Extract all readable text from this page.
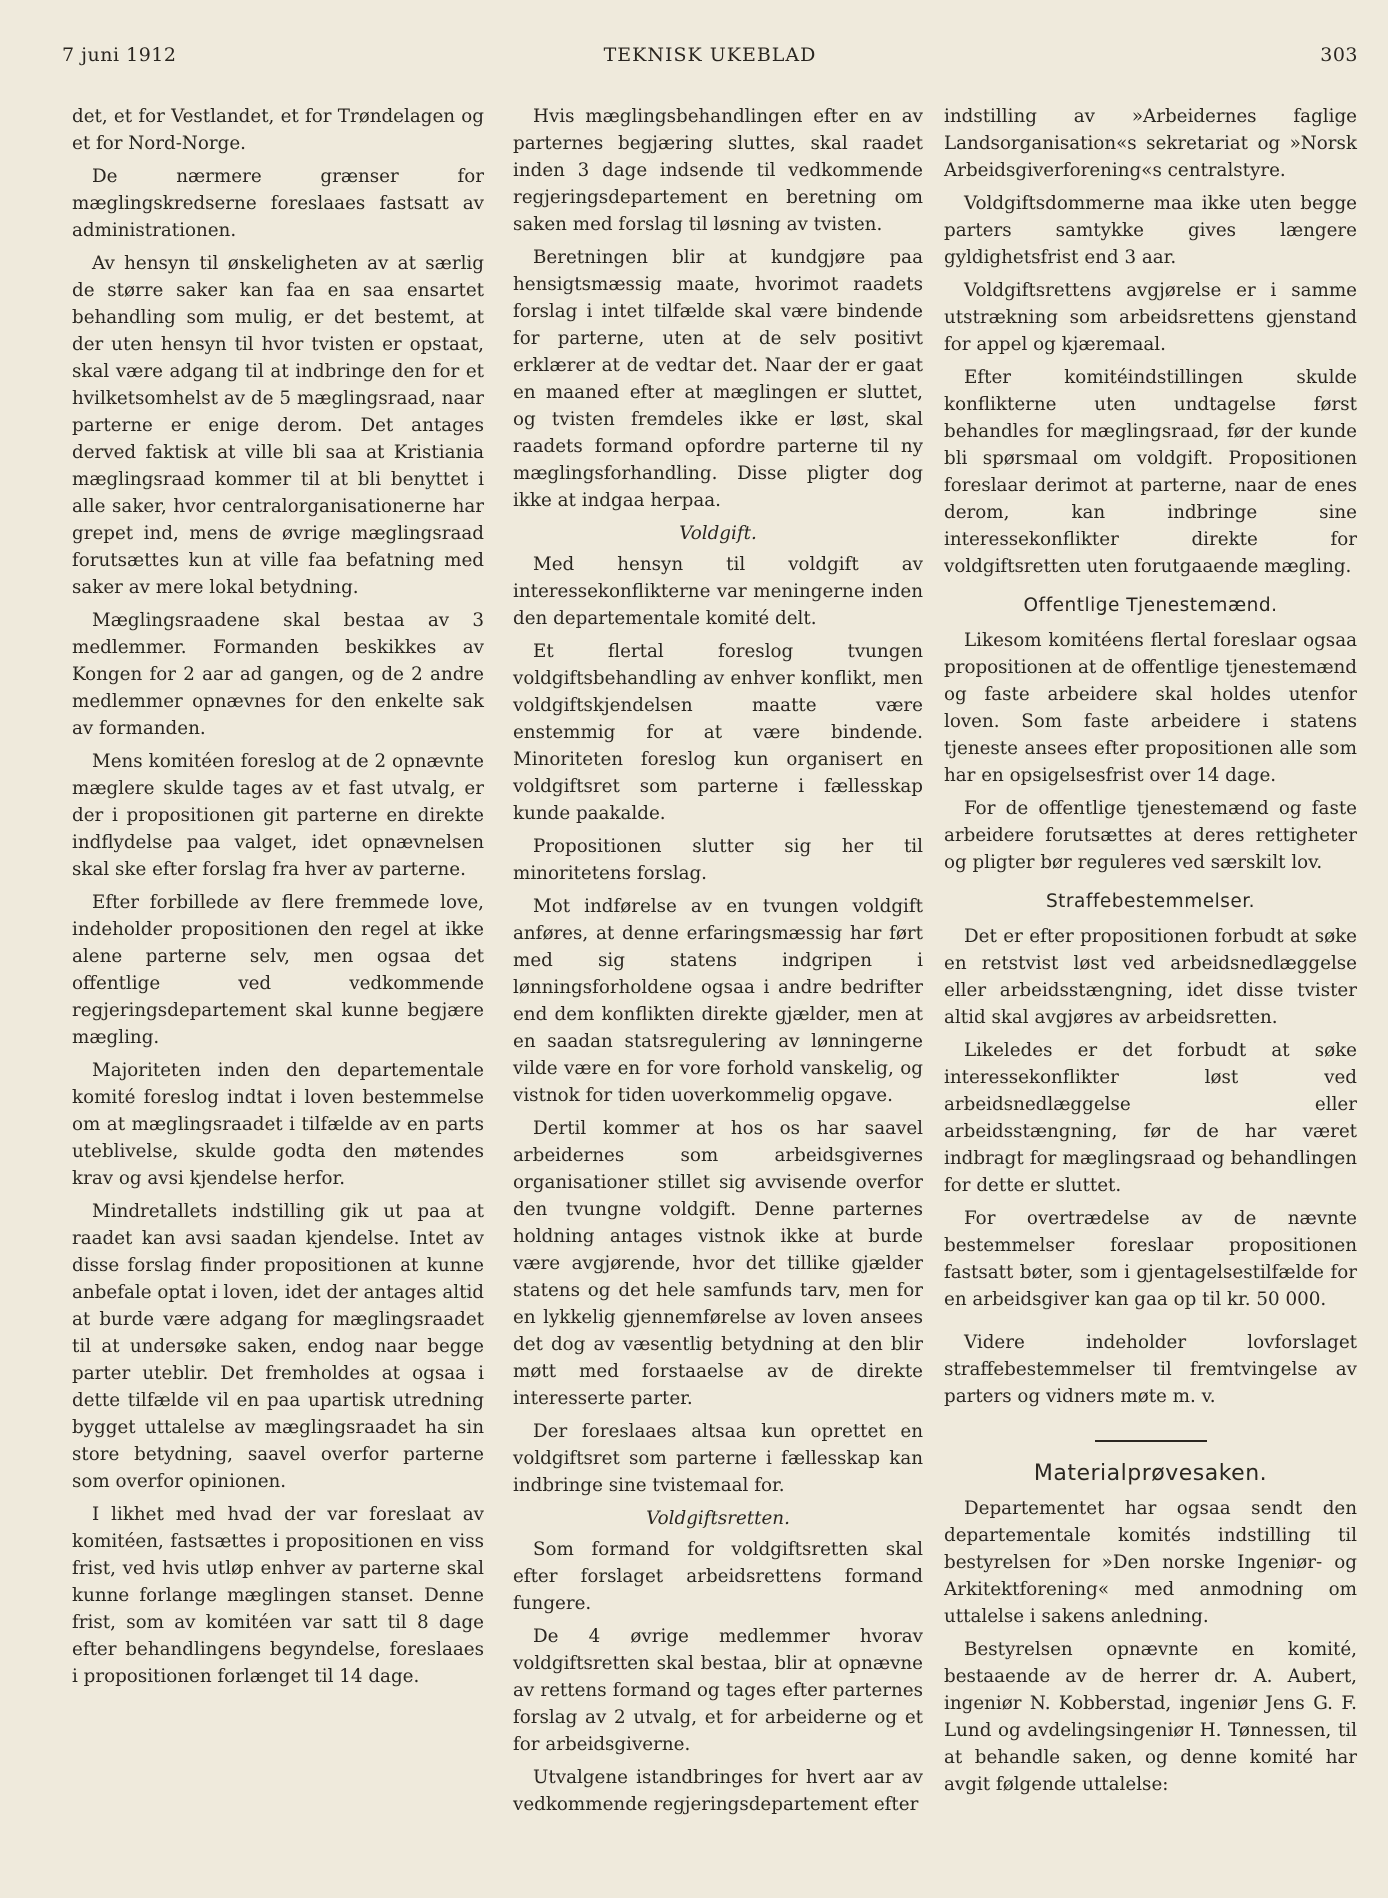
7 juni 1912	TEKNISK UKEBLAD	303

det, et for Vestlandet, et for Trøndelagen og et for Nord-Norge.

De nærmere grænser for mæglingskredserne foreslaaes fastsatt av administrationen.

Av hensyn til ønskeligheten av at særlig de større saker kan faa en saa ensartet behandling som mulig, er det bestemt, at der uten hensyn til hvor tvisten er opstaat, skal være adgang til at indbringe den for et hvilketsomhelst av de 5 mæglingsraad, naar parterne er enige derom. Det antages derved faktisk at ville bli saa at Kristiania mæglingsraad kommer til at bli benyttet i alle saker, hvor centralorganisationerne har grepet ind, mens de øvrige mæglingsraad forutsættes kun at ville faa befatning med saker av mere lokal betydning.

Mæglingsraadene skal bestaa av 3 medlemmer. Formanden beskikkes av Kongen for 2 aar ad gangen, og de 2 andre medlemmer opnævnes for den enkelte sak av formanden.

Mens komitéen foreslog at de 2 opnævnte mæglere skulde tages av et fast utvalg, er der i propositionen git parterne en direkte indflydelse paa valget, idet opnævnelsen skal ske efter forslag fra hver av parterne.

Efter forbillede av flere fremmede love, indeholder propositionen den regel at ikke alene parterne selv, men ogsaa det offentlige ved vedkommende regjeringsdepartement skal kunne begjære mægling.

Majoriteten inden den departementale komité foreslog indtat i loven bestemmelse om at mæglingsraadet i tilfælde av en parts uteblivelse, skulde godta den møtendes krav og avsi kjendelse herfor.

Mindretallets indstilling gik ut paa at raadet kan avsi saadan kjendelse. Intet av disse forslag finder propositionen at kunne anbefale optat i loven, idet der antages altid at burde være adgang for mæglingsraadet til at undersøke saken, endog naar begge parter uteblir. Det fremholdes at ogsaa i dette tilfælde vil en paa upartisk utredning bygget uttalelse av mæglingsraadet ha sin store betydning, saavel overfor parterne som overfor opinionen.

I likhet med hvad der var foreslaat av komitéen, fastsættes i propositionen en viss frist, ved hvis utløp enhver av parterne skal kunne forlange mæglingen stanset. Denne frist, som av komitéen var satt til 8 dage efter behandlingens begyndelse, foreslaaes i propositionen forlænget til 14 dage.

Hvis mæglingsbehandlingen efter en av parternes begjæring sluttes, skal raadet inden 3 dage indsende til vedkommende regjeringsdepartement en beretning om saken med forslag til løsning av tvisten.

Beretningen blir at kundgjøre paa hensigtsmæssig maate, hvorimot raadets forslag i intet tilfælde skal være bindende for parterne, uten at de selv positivt erklærer at de vedtar det. Naar der er gaat en maaned efter at mæglingen er sluttet, og tvisten fremdeles ikke er løst, skal raadets formand opfordre parterne til ny mæglingsforhandling. Disse pligter dog ikke at indgaa herpaa.

Voldgift.

Med hensyn til voldgift av interessekonflikterne var meningerne inden den departementale komité delt.

Et flertal foreslog tvungen voldgiftsbehandling av enhver konflikt, men voldgiftskjendelsen maatte være enstemmig for at være bindende. Minoriteten foreslog kun organisert en voldgiftsret som parterne i fællesskap kunde paakalde.

Propositionen slutter sig her til minoritetens forslag.

Mot indførelse av en tvungen voldgift anføres, at denne erfaringsmæssig har ført med sig statens indgripen i lønningsforholdene ogsaa i andre bedrifter end dem konflikten direkte gjælder, men at en saadan statsregulering av lønningerne vilde være en for vore forhold vanskelig, og vistnok for tiden uoverkommelig opgave.

Dertil kommer at hos os har saavel arbeidernes som arbeidsgivernes organisationer stillet sig avvisende overfor den tvungne voldgift. Denne parternes holdning antages vistnok ikke at burde være avgjørende, hvor det tillike gjælder statens og det hele samfunds tarv, men for en lykkelig gjennemførelse av loven ansees det dog av væsentlig betydning at den blir møtt med forstaaelse av de direkte interesserte parter.

Der foreslaaes altsaa kun oprettet en voldgiftsret som parterne i fællesskap kan indbringe sine tvistemaal for.

Voldgiftsretten.

Som formand for voldgiftsretten skal efter forslaget arbeidsrettens formand fungere.

De 4 øvrige medlemmer hvorav voldgiftsretten skal bestaa, blir at opnævne av rettens formand og tages efter parternes forslag av 2 utvalg, et for arbeiderne og et for arbeidsgiverne.

Utvalgene istandbringes for hvert aar av vedkommende regjeringsdepartement efter

indstilling av »Arbeidernes faglige Landsorganisation«s sekretariat og »Norsk Arbeidsgiverforening«s centralstyre.

Voldgiftsdommerne maa ikke uten begge parters samtykke gives længere gyldighetsfrist end 3 aar.

Voldgiftsrettens avgjørelse er i samme utstrækning som arbeidsrettens gjenstand for appel og kjæremaal.

Efter komitéindstillingen skulde konflikterne uten undtagelse først behandles for mæglingsraad, før der kunde bli spørsmaal om voldgift. Propositionen foreslaar derimot at parterne, naar de enes derom, kan indbringe sine interessekonflikter direkte for voldgiftsretten uten forutgaaende mægling.

Offentlige Tjenestemænd.

Likesom komitéens flertal foreslaar ogsaa propositionen at de offentlige tjenestemænd og faste arbeidere skal holdes utenfor loven. Som faste arbeidere i statens tjeneste ansees efter propositionen alle som har en opsigelsesfrist over 14 dage.

For de offentlige tjenestemænd og faste arbeidere forutsættes at deres rettigheter og pligter bør reguleres ved særskilt lov.

Straffebestemmelser.

Det er efter propositionen forbudt at søke en retstvist løst ved arbeidsnedlæggelse eller arbeidsstængning, idet disse tvister altid skal avgjøres av arbeidsretten.

Likeledes er det forbudt at søke interessekonflikter løst ved arbeidsnedlæggelse eller arbeidsstængning, før de har været indbragt for mæglingsraad og behandlingen for dette er sluttet.

For overtrædelse av de nævnte bestemmelser foreslaar propositionen fastsatt bøter, som i gjentagelsestilfælde for en arbeidsgiver kan gaa op til kr. 50 000.

Videre indeholder lovforslaget straffebestemmelser til fremtvingelse av parters og vidners møte m. v.

Materialprøvesaken.

Departementet har ogsaa sendt den departementale komités indstilling til bestyrelsen for »Den norske Ingeniør- og Arkitektforening« med anmodning om uttalelse i sakens anledning.

Bestyrelsen opnævnte en komité, bestaaende av de herrer dr. A. Aubert, ingeniør N. Kobberstad, ingeniør Jens G. F. Lund og avdelingsingeniør H. Tønnessen, til at behandle saken, og denne komité har avgit følgende uttalelse:
